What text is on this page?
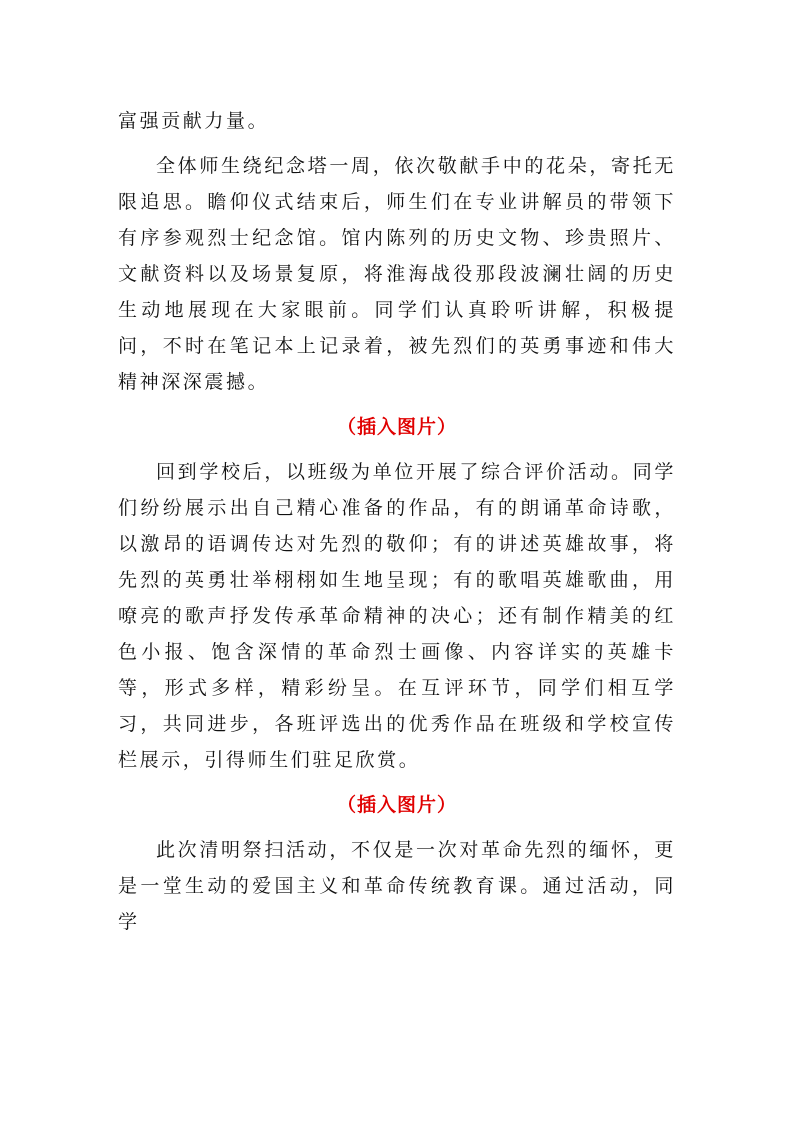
富强贡献力量。

全体师生绕纪念塔一周，依次敬献手中的花朵，寄托无限追思。瞻仰仪式结束后，师生们在专业讲解员的带领下有序参观烈士纪念馆。馆内陈列的历史文物、珍贵照片、文献资料以及场景复原，将淮海战役那段波澜壮阔的历史生动地展现在大家眼前。同学们认真聆听讲解，积极提问，不时在笔记本上记录着，被先烈们的英勇事迹和伟大精神深深震撼。

（插入图片）

回到学校后，以班级为单位开展了综合评价活动。同学们纷纷展示出自己精心准备的作品，有的朗诵革命诗歌，以激昂的语调传达对先烈的敬仰；有的讲述英雄故事，将先烈的英勇壮举栩栩如生地呈现；有的歌唱英雄歌曲，用嘹亮的歌声抒发传承革命精神的决心；还有制作精美的红色小报、饱含深情的革命烈士画像、内容详实的英雄卡等，形式多样，精彩纷呈。在互评环节，同学们相互学习，共同进步，各班评选出的优秀作品在班级和学校宣传栏展示，引得师生们驻足欣赏。

（插入图片）

此次清明祭扫活动，不仅是一次对革命先烈的缅怀，更是一堂生动的爱国主义和革命传统教育课。通过活动，同学
